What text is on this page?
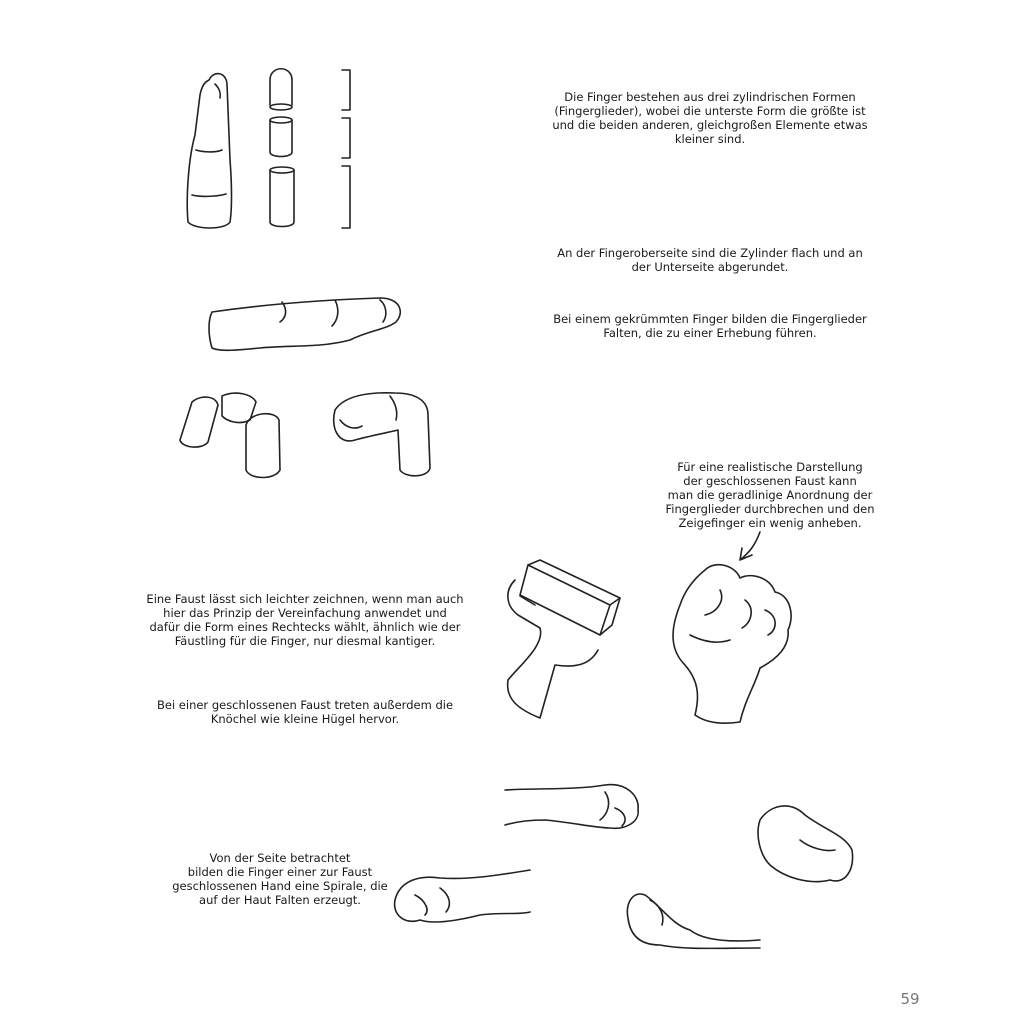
Die Finger bestehen aus drei zylindrischen Formen
(Fingerglieder), wobei die unterste Form die größte ist
und die beiden anderen, gleichgroßen Elemente etwas
kleiner sind.
An der Fingeroberseite sind die Zylinder flach und an
der Unterseite abgerundet.
Bei einem gekrümmten Finger bilden die Fingerglieder
Falten, die zu einer Erhebung führen.
Für eine realistische Darstellung
der geschlossenen Faust kann
man die geradlinige Anordnung der
Fingerglieder durchbrechen und den
Zeigefinger ein wenig anheben.
Eine Faust lässt sich leichter zeichnen, wenn man auch
hier das Prinzip der Vereinfachung anwendet und
dafür die Form eines Rechtecks wählt, ähnlich wie der
Fäustling für die Finger, nur diesmal kantiger.
Bei einer geschlossenen Faust treten außerdem die
Knöchel wie kleine Hügel hervor.
Von der Seite betrachtet
bilden die Finger einer zur Faust
geschlossenen Hand eine Spirale, die
auf der Haut Falten erzeugt.
59
